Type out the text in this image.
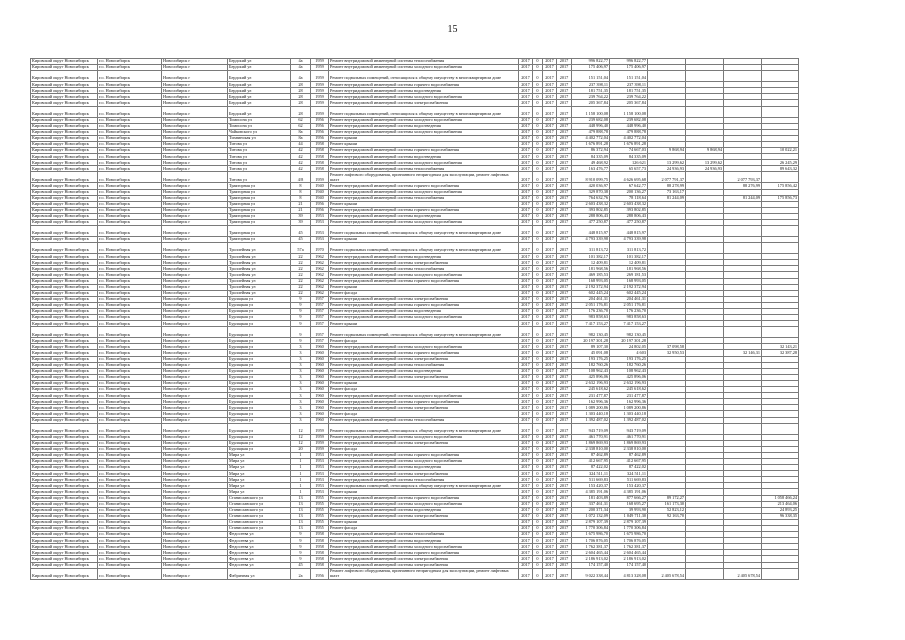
15
Кировский округ Новосибирск	г.о. Новосибирск	Новосибирск г	Бердский ул	4а	1959	Ремонт внутридомовой инженерной системы теплоснабжения	2017	0	2017	2017	996 822,77	996 822,77				
Кировский округ Новосибирск	г.о. Новосибирск	Новосибирск г	Бердский ул	4а	1959	Ремонт внутридомовой инженерной системы холодного водоснабжения	2017	0	2017	2017	175 406,97	175 406,97				
Кировский округ Новосибирск	г.о. Новосибирск	Новосибирск г	Бердский ул	4а	1959	Ремонт подвальных помещений, относящихся к общему имуществу в многоквартирном доме	2017	0	2017	2017	151 151,04	151 151,04				
Кировский округ Новосибирск	г.о. Новосибирск	Новосибирск г	Бердский ул	28	1959	Ремонт внутридомовой инженерной системы горячего водоснабжения	2017	0	2017	2017	237 398,11	237 398,11				
Кировский округ Новосибирск	г.о. Новосибирск	Новосибирск г	Бердский ул	28	1959	Ремонт внутридомовой инженерной системы водоотведения	2017	0	2017	2017	181 751,35	181 751,35				
Кировский округ Новосибирск	г.о. Новосибирск	Новосибирск г	Бердский ул	28	1959	Ремонт внутридомовой инженерной системы холодного водоснабжения	2017	0	2017	2017	239 764,22	239 764,22				
Кировский округ Новосибирск	г.о. Новосибирск	Новосибирск г	Бердский ул	28	1959	Ремонт внутридомовой инженерной системы электроснабжения	2017	0	2017	2017	205 367,84	205 367,84				
Кировский округ Новосибирск	г.о. Новосибирск	Новосибирск г	Бердский ул	28	1959	Ремонт подвальных помещений, относящихся к общему имуществу в многоквартирном доме	2017	0	2017	2017	1 158 100,08	1 158 100,08				
Кировский округ Новосибирск	г.о. Новосибирск	Новосибирск г	Томпсона ул	62	1956	Ремонт внутридомовой инженерной системы холодного водоснабжения	2017	0	2017	2017	239 682,08	239 682,08				
Кировский округ Новосибирск	г.о. Новосибирск	Новосибирск г	Томпсона ул	62	1956	Ремонт внутридомовой инженерной системы водоотведения	2017	0	2017	2017	448 996,40	448 996,40				
Кировский округ Новосибирск	г.о. Новосибирск	Новосибирск г	Чайковского ул	8а	1956	Ремонт внутридомовой инженерной системы холодного водоснабжения	2017	0	2017	2017	479 888,78	479 888,78				
Кировский округ Новосибирск	г.о. Новосибирск	Новосибирск г	Тихвинская ул	8а	1956	Ремонт крыши	2017	0	2017	2017	4 402 772,04	4 402 772,04				
Кировский округ Новосибирск	г.о. Новосибирск	Новосибирск г	Титова ул	44	1958	Ремонт крыши	2017	0	2017	2017	1 676 891,28	1 676 891,28				
Кировский округ Новосибирск	г.о. Новосибирск	Новосибирск г	Титова ул	42	1958	Ремонт внутридомовой инженерной системы горячего водоснабжения	2017	0	2017	2017	86 372,94	74 667,03	9 868,94	9 868,94		10 022,21
Кировский округ Новосибирск	г.о. Новосибирск	Новосибирск г	Титова ул	42	1958	Ремонт внутридомовой инженерной системы водоотведения	2017	0	2017	2017	84 335,09	84 335,09				
Кировский округ Новосибирск	г.о. Новосибирск	Новосибирск г	Титова ул	42	1958	Ремонт внутридомовой инженерной системы холодного водоснабжения	2017	0	2017	2017	49 468,92	126 621	13 299,62	13 299,62		26 245,29
Кировский округ Новосибирск	г.о. Новосибирск	Новосибирск г	Титова ул	42	1958	Ремонт внутридомовой инженерной системы теплоснабжения	2017	0	2017	2017	163 476,77	65 657,73	24 936,93	24 936,93		89 643,32
Кировский округ Новосибирск	г.о. Новосибирск	Новосибирск г	Титова ул	4/8	1959	Ремонт лифтового оборудования, признанного непригодным для эксплуатации, ремонт лифтовых шахт	2017	0	2017	2017	8 910 099,75	4 626 695,68	2 077 791,37		2 077 793,37	
Кировский округ Новосибирск	г.о. Новосибирск	Новосибирск г	Тракторная ул	8	1940	Ремонт внутридомовой инженерной системы горячего водоснабжения	2017	0	2017	2017	420 036,97	67 642,77	88 278,99		88 276,99	175 856,42
Кировский округ Новосибирск	г.о. Новосибирск	Новосибирск г	Тракторная ул	8	1940	Ремонт внутридомовой инженерной системы холодного водоснабжения	2017	0	2017	2017	329 870,38	200 136,27	73 163,17			
Кировский округ Новосибирск	г.о. Новосибирск	Новосибирск г	Тракторная ул	8	1940	Ремонт внутридомовой инженерной системы теплоснабжения	2017	0	2017	2017	764 632,76	78 118,64	81 244,09		81 244,09	175 856,73
Кировский округ Новосибирск	г.о. Новосибирск	Новосибирск г	Тракторная ул	21	1956	Ремонт крыши	2017	0	2017	2017	2 603 438,32	2 603 438,32				
Кировский округ Новосибирск	г.о. Новосибирск	Новосибирск г	Тракторная ул	21	1956	Ремонт внутридомовой инженерной системы горячего водоснабжения	2017	0	2017	2017	393 802,85	393 802,85				
Кировский округ Новосибирск	г.о. Новосибирск	Новосибирск г	Тракторная ул	39	1953	Ремонт внутридомовой инженерной системы водоотведения	2017	0	2017	2017	288 806,43	288 806,43				
Кировский округ Новосибирск	г.о. Новосибирск	Новосибирск г	Тракторная ул	39	1953	Ремонт внутридомовой инженерной системы холодного водоснабжения	2017	0	2017	2017	477 250,87	477 250,87				
Кировский округ Новосибирск	г.о. Новосибирск	Новосибирск г	Тракторная ул	45	1953	Ремонт подвальных помещений, относящихся к общему имуществу в многоквартирном доме	2017	0	2017	2017	448 815,97	448 815,97				
Кировский округ Новосибирск	г.о. Новосибирск	Новосибирск г	Тракторная ул	45	1953	Ремонт крыши	2017	0	2017	2017	4 793 339,98	4 793 339,98				
Кировский округ Новосибирск	г.о. Новосибирск	Новосибирск г	Троллейная ул	57а	1970	Ремонт подвальных помещений, относящихся к общему имуществу в многоквартирном доме	2017	0	2017	2017	311 813,72	311 813,72				
Кировский округ Новосибирск	г.о. Новосибирск	Новосибирск г	Троллейная ул	22	1962	Ремонт внутридомовой инженерной системы водоотведения	2017	0	2017	2017	101 382,17	101 382,17				
Кировский округ Новосибирск	г.о. Новосибирск	Новосибирск г	Троллейная ул	22	1962	Ремонт внутридомовой инженерной системы электроснабжения	2017	0	2017	2017	12 409,81	12 409,81				
Кировский округ Новосибирск	г.о. Новосибирск	Новосибирск г	Троллейная ул	22	1962	Ремонт внутридомовой инженерной системы теплоснабжения	2017	0	2017	2017	181 968,56	181 968,56				
Кировский округ Новосибирск	г.о. Новосибирск	Новосибирск г	Троллейная ул	22	1962	Ремонт внутридомовой инженерной системы холодного водоснабжения	2017	0	2017	2017	469 185,53	269 181,53				
Кировский округ Новосибирск	г.о. Новосибирск	Новосибирск г	Троллейная ул	22	1962	Ремонт внутридомовой инженерной системы горячего водоснабжения	2017	0	2017	2017	168 993,05	168 993,05				
Кировский округ Новосибирск	г.о. Новосибирск	Новосибирск г	Троллейная ул	22	1962	Ремонт крыши	2017	0	2017	2017	2 192 372,94	2 192 372,94				
Кировский округ Новосибирск	г.о. Новосибирск	Новосибирск г	Троллейная ул	22	1962	Ремонт фасада	2017	0	2017	2017	602 445,24	602 445,24				
Кировский округ Новосибирск	г.о. Новосибирск	Новосибирск г	Бурлацкая ул	9	1957	Ремонт внутридомовой инженерной системы электроснабжения	2017	0	2017	2017	204 461,31	204 461,31				
Кировский округ Новосибирск	г.о. Новосибирск	Новосибирск г	Бурлацкая ул	9	1957	Ремонт внутридомовой инженерной системы горячего водоснабжения	2017	0	2017	2017	2 051 176,81	2 051 176,81				
Кировский округ Новосибирск	г.о. Новосибирск	Новосибирск г	Бурлацкая ул	9	1957	Ремонт внутридомовой инженерной системы водоотведения	2017	0	2017	2017	176 236,70	176 236,70				
Кировский округ Новосибирск	г.о. Новосибирск	Новосибирск г	Бурлацкая ул	9	1957	Ремонт внутридомовой инженерной системы холодного водоснабжения	2017	0	2017	2017	983 858,63	983 858,63				
Кировский округ Новосибирск	г.о. Новосибирск	Новосибирск г	Бурлацкая ул	9	1957	Ремонт крыши	2017	0	2017	2017	7 417 153,27	7 417 153,27				
Кировский округ Новосибирск	г.о. Новосибирск	Новосибирск г	Бурлацкая ул	9	1957	Ремонт подвальных помещений, относящихся к общему имуществу в многоквартирном доме	2017	0	2017	2017	982 130,45	982 130,45				
Кировский округ Новосибирск	г.о. Новосибирск	Новосибирск г	Бурлацкая ул	9	1957	Ремонт фасада	2017	0	2017	2017	20 197 301,28	20 197 301,28				
Кировский округ Новосибирск	г.о. Новосибирск	Новосибирск г	Бурлацкая ул	3	1960	Ремонт внутридомовой инженерной системы холодного водоснабжения	2017	0	2017	2017	89 107,30	24 802,05	37 098,58			32 143,21
Кировский округ Новосибирск	г.о. Новосибирск	Новосибирск г	Бурлацкая ул	3	1960	Ремонт внутридомовой инженерной системы горячего водоснабжения	2017	0	2017	2017	45 091,08	4 603	32 950,53		32 146,31	32 387,28
Кировский округ Новосибирск	г.о. Новосибирск	Новосибирск г	Бурлацкая ул	3	1960	Ремонт внутридомовой инженерной системы электроснабжения	2017	0	2017	2017	193 176,25	193 176,25				
Кировский округ Новосибирск	г.о. Новосибирск	Новосибирск г	Бурлацкая ул	3	1960	Ремонт внутридомовой инженерной системы теплоснабжения	2017	0	2017	2017	182 760,26	182 760,26				
Кировский округ Новосибирск	г.о. Новосибирск	Новосибирск г	Бурлацкая ул	3	1960	Ремонт внутридомовой инженерной системы водоотведения	2017	0	2017	2017	108 962,43	108 962,43				
Кировский округ Новосибирск	г.о. Новосибирск	Новосибирск г	Бурлацкая ул	3	1960	Ремонт внутридомовой инженерной системы электроснабжения	2017	0	2017	2017	425 896,06	425 896,06				
Кировский округ Новосибирск	г.о. Новосибирск	Новосибирск г	Бурлацкая ул	3	1960	Ремонт крыши	2017	0	2017	2017	2 632 196,93	2 632 196,93				
Кировский округ Новосибирск	г.о. Новосибирск	Новосибирск г	Бурлацкая ул	3	1960	Ремонт фасада	2017	0	2017	2017	245 618,62	245 618,62				
Кировский округ Новосибирск	г.о. Новосибирск	Новосибирск г	Бурлацкая ул	3	1960	Ремонт внутридомовой инженерной системы холодного водоснабжения	2017	0	2017	2017	231 477,87	231 477,87				
Кировский округ Новосибирск	г.о. Новосибирск	Новосибирск г	Бурлацкая ул	3	1960	Ремонт внутридомовой инженерной системы горячего водоснабжения	2017	0	2017	2017	162 996,36	162 996,36				
Кировский округ Новосибирск	г.о. Новосибирск	Новосибирск г	Бурлацкая ул	3	1960	Ремонт внутридомовой инженерной системы электроснабжения	2017	0	2017	2017	1 089 200,86	1 089 200,86				
Кировский округ Новосибирск	г.о. Новосибирск	Новосибирск г	Бурлацкая ул	3	1960	Ремонт фасада	2017	0	2017	2017	1 303 440,18	1 303 440,18				
Кировский округ Новосибирск	г.о. Новосибирск	Новосибирск г	Бурлацкая ул	3	1960	Ремонт внутридомовой инженерной системы теплоснабжения	2017	0	2017	2017	1 392 487,02	1 392 487,02				
Кировский округ Новосибирск	г.о. Новосибирск	Новосибирск г	Бурлацкая ул	12	1959	Ремонт подвальных помещений, относящихся к общему имуществу в многоквартирном доме	2017	0	2017	2017	943 719,09	943 719,09				
Кировский округ Новосибирск	г.о. Новосибирск	Новосибирск г	Бурлацкая ул	12	1959	Ремонт внутридомовой инженерной системы холодного водоснабжения	2017	0	2017	2017	461 770,91	461 770,91				
Кировский округ Новосибирск	г.о. Новосибирск	Новосибирск г	Бурлацкая ул	12	1959	Ремонт внутридомовой инженерной системы электроснабжения	2017	0	2017	2017	1 869 869,93	1 869 869,93				
Кировский округ Новосибирск	г.о. Новосибирск	Новосибирск г	Бурлацкая ул	20	1959	Ремонт фасада	2017	0	2017	2017	2 338 810,00	2 338 810,00				
Кировский округ Новосибирск	г.о. Новосибирск	Новосибирск г	Мира ул	1	1953	Ремонт внутридомовой инженерной системы горячего водоснабжения	2017	0	2017	2017	87 462,89	87 462,89				
Кировский округ Новосибирск	г.о. Новосибирск	Новосибирск г	Мира ул	1	1953	Ремонт внутридомовой инженерной системы холодного водоснабжения	2017	0	2017	2017	412 667,95	412 667,95				
Кировский округ Новосибирск	г.о. Новосибирск	Новосибирск г	Мира ул	1	1953	Ремонт внутридомовой инженерной системы водоотведения	2017	0	2017	2017	87 422,02	87 422,02				
Кировский округ Новосибирск	г.о. Новосибирск	Новосибирск г	Мира ул	1	1953	Ремонт внутридомовой инженерной системы электроснабжения	2017	0	2017	2017	324 511,11	324 511,11				
Кировский округ Новосибирск	г.о. Новосибирск	Новосибирск г	Мира ул	1	1953	Ремонт внутридомовой инженерной системы теплоснабжения	2017	0	2017	2017	511 669,83	511 669,83				
Кировский округ Новосибирск	г.о. Новосибирск	Новосибирск г	Мира ул	1	1953	Ремонт подвальных помещений, относящихся к общему имуществу в многоквартирном доме	2017	0	2017	2017	153 420,37	153 420,37				
Кировский округ Новосибирск	г.о. Новосибирск	Новосибирск г	Мира ул	1	1953	Ремонт крыши	2017	0	2017	2017	4 385 191,06	4 385 191,06				
Кировский округ Новосибирск	г.о. Новосибирск	Новосибирск г	Станиславского ул	13	1955	Ремонт внутридомовой инженерной системы горячего водоснабжения	2017	0	2017	2017	181 403,89	877 666,27	89 172,27			1 058 466,24
Кировский округ Новосибирск	г.о. Новосибирск	Новосибирск г	Станиславского ул	13	1955	Ремонт внутридомовой инженерной системы холодного водоснабжения	2017	0	2017	2017	337 461,31	168 695,27	161 173,30			213 464,06
Кировский округ Новосибирск	г.о. Новосибирск	Новосибирск г	Станиславского ул	13	1955	Ремонт внутридомовой инженерной системы водоотведения	2017	0	2017	2017	200 371,34	39 993,90	52 823,12			24 893,25
Кировский округ Новосибирск	г.о. Новосибирск	Новосибирск г	Станиславского ул	13	1955	Ремонт внутридомовой инженерной системы электроснабжения	2017	0	2017	2017	1 072 132,09	1 049 711,30	92 163,70			96 338,35
Кировский округ Новосибирск	г.о. Новосибирск	Новосибирск г	Станиславского ул	13	1955	Ремонт крыши	2017	0	2017	2017	2 879 107,39	2 879 107,39				
Кировский округ Новосибирск	г.о. Новосибирск	Новосибирск г	Станиславского ул	13	1955	Ремонт фасада	2017	0	2017	2017	1 770 306,84	1 770 306,84				
Кировский округ Новосибирск	г.о. Новосибирск	Новосибирск г	Федосеева ул	9	1958	Ремонт внутридомовой инженерной системы теплоснабжения	2017	0	2017	2017	1 675 986,70	1 675 986,70				
Кировский округ Новосибирск	г.о. Новосибирск	Новосибирск г	Федосеева ул	9	1958	Ремонт внутридомовой инженерной системы водоотведения	2017	0	2017	2017	1 706 876,05	1 706 876,05				
Кировский округ Новосибирск	г.о. Новосибирск	Новосибирск г	Федосеева ул	9	1958	Ремонт внутридомовой инженерной системы холодного водоснабжения	2017	0	2017	2017	1 762 381,37	1 762 381,37				
Кировский округ Новосибирск	г.о. Новосибирск	Новосибирск г	Федосеева ул	9	1958	Ремонт внутридомовой инженерной системы горячего водоснабжения	2017	0	2017	2017	2 604 465,44	2 604 465,44				
Кировский округ Новосибирск	г.о. Новосибирск	Новосибирск г	Федосеева ул	9	1958	Ремонт внутридомовой инженерной системы электроснабжения	2017	0	2017	2017	2 186 913,02	2 186 913,02				
Кировский округ Новосибирск	г.о. Новосибирск	Новосибирск г	Федосеева ул	45	1958	Ремонт внутридомовой инженерной системы электроснабжения	2017	0	2017	2017	174 157,40	174 157,40				
Кировский округ Новосибирск	г.о. Новосибирск	Новосибирск г	Фабричная ул	2а	1956	Ремонт лифтового оборудования, признанного непригодным для эксплуатации, ремонт лифтовых шахт	2017	0	2017	2017	9 022 338,44	4 813 328,08	2 405 678,54		2 405 678,54	
